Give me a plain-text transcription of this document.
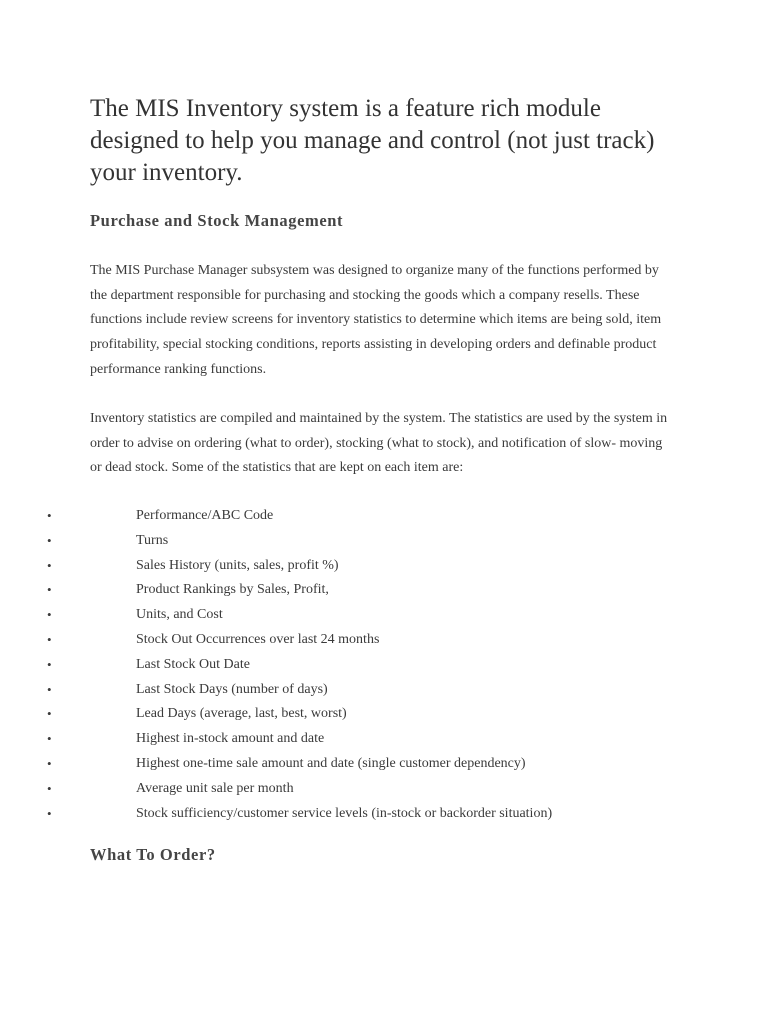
The MIS Inventory system is a feature rich module designed to help you manage and control (not just track) your inventory.

Purchase and Stock Management

The MIS Purchase Manager subsystem was designed to organize many of the functions performed by the department responsible for purchasing and stocking the goods which a company resells. These functions include review screens for inventory statistics to determine which items are being sold, item profitability, special stocking conditions, reports assisting in developing orders and definable product performance ranking functions.

Inventory statistics are compiled and maintained by the system. The statistics are used by the system in order to advise on ordering (what to order), stocking (what to stock), and notification of slow- moving or dead stock. Some of the statistics that are kept on each item are:

•	Performance/ABC Code
•	Turns
•	Sales History (units, sales, profit %)
•	Product Rankings by Sales, Profit,
•	Units, and Cost
•	Stock Out Occurrences over last 24 months
•	Last Stock Out Date
•	Last Stock Days (number of days)
•	Lead Days (average, last, best, worst)
•	Highest in-stock amount and date
•	Highest one-time sale amount and date (single customer dependency)
•	Average unit sale per month
•	Stock sufficiency/customer service levels (in-stock or backorder situation)
What To Order?
